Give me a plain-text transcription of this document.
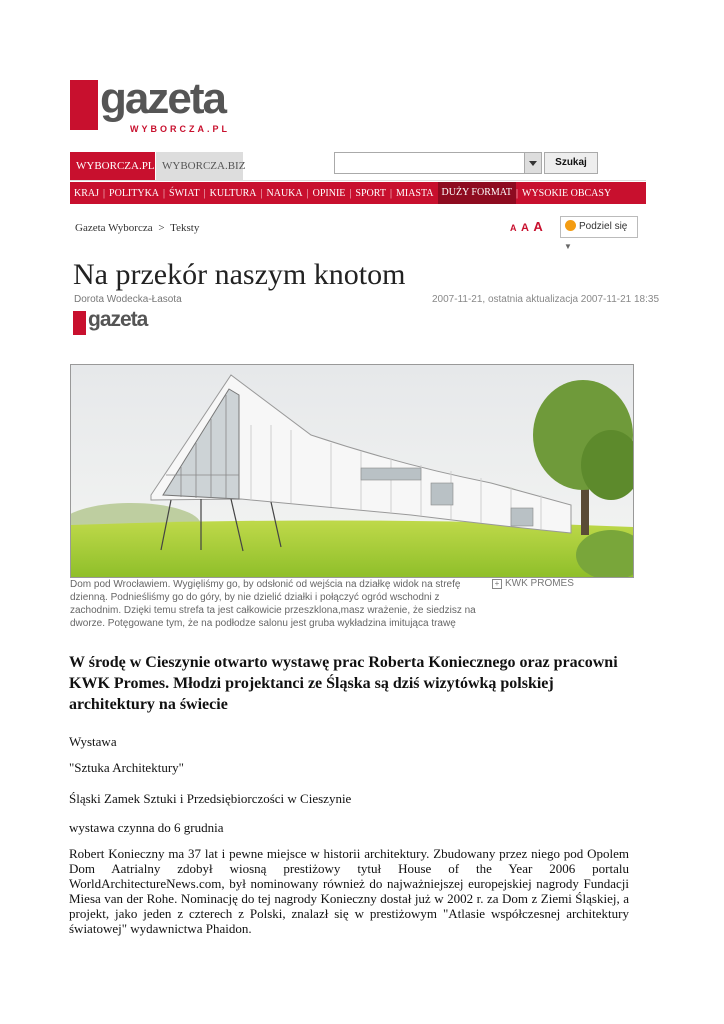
gazeta
WYBORCZA.PL
WYBORCZA.PL WYBORCZA.BIZ	Szukaj
KRAJ | POLITYKA | ŚWIAT | KULTURA | NAUKA | OPINIE | SPORT | MIASTA DUŻY FORMAT | WYSOKIE OBCASY
Gazeta Wyborcza > Teksty	A A A	Podziel się ▼
Na przekór naszym knotom
Dorota Wodecka-Łasota	2007-11-21, ostatnia aktualizacja 2007-11-21 18:35
gazeta
Dom pod Wrocławiem. Wygięliśmy go, by odsłonić od wejścia na działkę widok na strefę dzienną. Podnieśliśmy go do góry, by nie dzielić działki i połączyć ogród wschodni z zachodnim. Dzięki temu strefa ta jest całkowicie przeszklona,masz wrażenie, że siedzisz na dworze. Potęgowane tym, że na podłodze salonu jest gruba wykładzina imitująca trawę
+ KWK PROMES
W środę w Cieszynie otwarto wystawę prac Roberta Koniecznego oraz pracowni KWK Promes. Młodzi projektanci ze Śląska są dziś wizytówką polskiej architektury na świecie
Wystawa
"Sztuka Architektury"
Śląski Zamek Sztuki i Przedsiębiorczości w Cieszynie
wystawa czynna do 6 grudnia
Robert Konieczny ma 37 lat i pewne miejsce w historii architektury. Zbudowany przez niego pod Opolem Dom Aatrialny zdobył wiosną prestiżowy tytuł House of the Year 2006 portalu WorldArchitectureNews.com, był nominowany również do najważniejszej europejskiej nagrody Fundacji Miesa van der Rohe. Nominację do tej nagrody Konieczny dostał już w 2002 r. za Dom z Ziemi Śląskiej, a projekt, jako jeden z czterech z Polski, znalazł się w prestiżowym "Atlasie współczesnej architektury światowej" wydawnictwa Phaidon.
